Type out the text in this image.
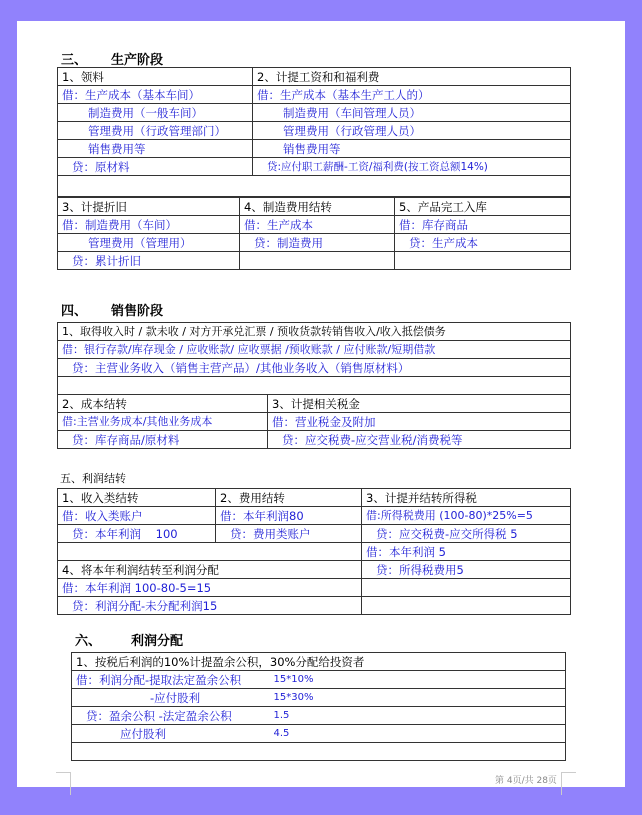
三、 生产阶段
1、领料	2、计提工资和和福利费
借：生产成本（基本车间）	借：生产成本（基本生产工人的）
制造费用（一般车间）	制造费用（车间管理人员）
管理费用（行政管理部门）	管理费用（行政管理人员）
销售费用等	销售费用等
贷：原材料	贷:应付职工薪酬-工资/福利费(按工资总额14%)

3、计提折旧	4、制造费用结转	5、产品完工入库
借：制造费用（车间）	借：生产成本	借：库存商品
管理费用（管理用）	贷：制造费用	贷：生产成本
贷：累计折旧		
四、 销售阶段
1、取得收入时 / 款未收 / 对方开承兑汇票 / 预收货款转销售收入/收入抵偿债务	
借：银行存款/库存现金 / 应收账款/ 应收票据 /预收账款 / 应付账款/短期借款	
贷：主营业务收入（销售主营产品）/其他业务收入（销售原材料）	

2、成本结转	3、计提相关税金
借:主营业务成本/其他业务成本	借：营业税金及附加
贷：库存商品/原材料	贷：应交税费-应交营业税/消费税等
五、利润结转
1、收入类结转	2、费用结转	3、计提并结转所得税
借：收入类账户	借：本年利润80	借:所得税费用 (100-80)*25%=5
贷：本年利润    100	贷：费用类账户	贷：应交税费-应交所得税 5
		借：本年利润 5
4、将本年利润结转至利润分配		贷：所得税费用5
借：本年利润 100-80-5=15		
贷：利润分配-未分配利润15		
六、 利润分配
1、按税后利润的10%计提盈余公积，30%分配给投资者	
借：利润分配-提取法定盈余公积	15*10%
-应付股利	15*30%
贷：盈余公积 -法定盈余公积	1.5
应付股利	4.5

第 4页/共 28页
